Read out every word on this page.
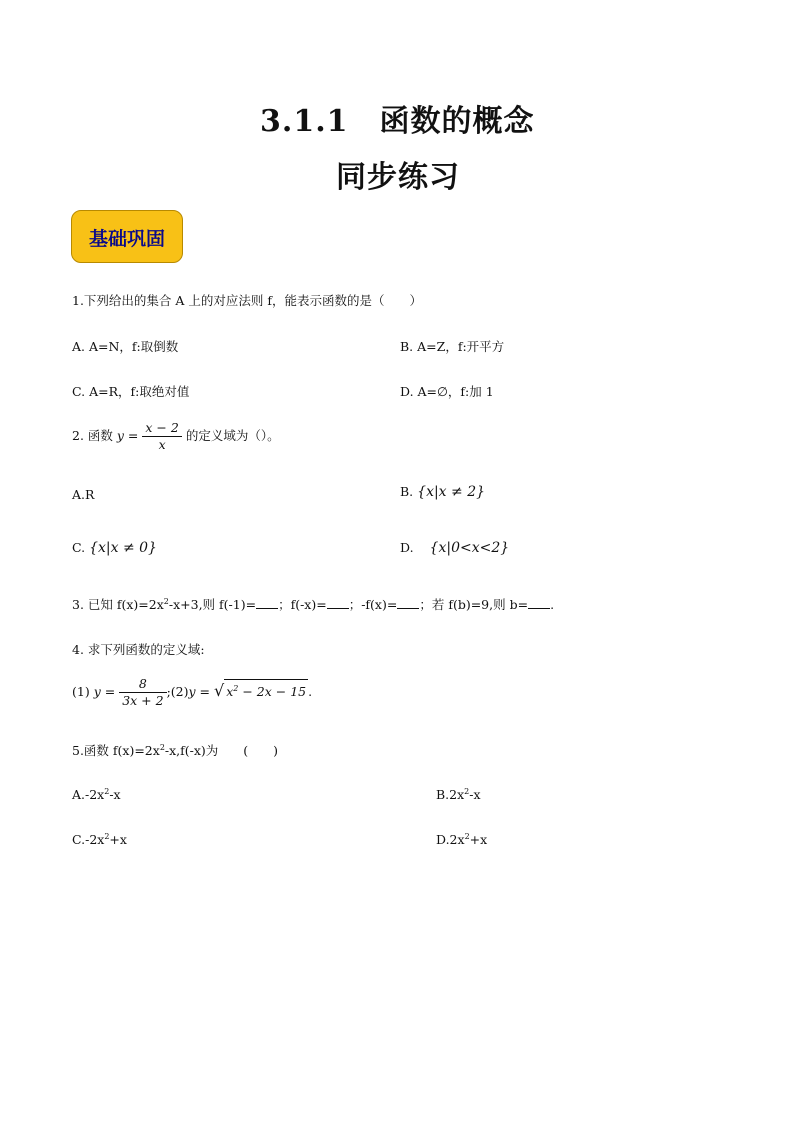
3.1.1　函数的概念
同步练习
基础巩固
1.下列给出的集合 A 上的对应法则 f，能表示函数的是（　　）
A. A=N，f:取倒数	B. A=Z，f:开平方
C. A=R，f:取绝对值	D. A=∅，f:加 1
2. 函数 $y = \frac{x - 2}{x}$ 的定义域为（）。
A.R	B. {x|x ≠ 2}
C. {x|x ≠ 0}	D. {x|0<x<2}
3. 已知 $f(x)=2x^2-x+3$,则 f(-1)= ；f(-x)= ；-f(x)= ；若 f(b)=9,则 b= .
4. 求下列函数的定义域:
(1) $y = \frac{8}{3x + 2}$ ;(2)y = √ $x^2 - 2x - 15$ .
5.函数 $f(x)=2x^2-x,f(-x)$为　　(　　)
$A.-2x^2-x$	$B.2x^2-x$
$C.-2x^2+x$	$D.2x^2+x$
